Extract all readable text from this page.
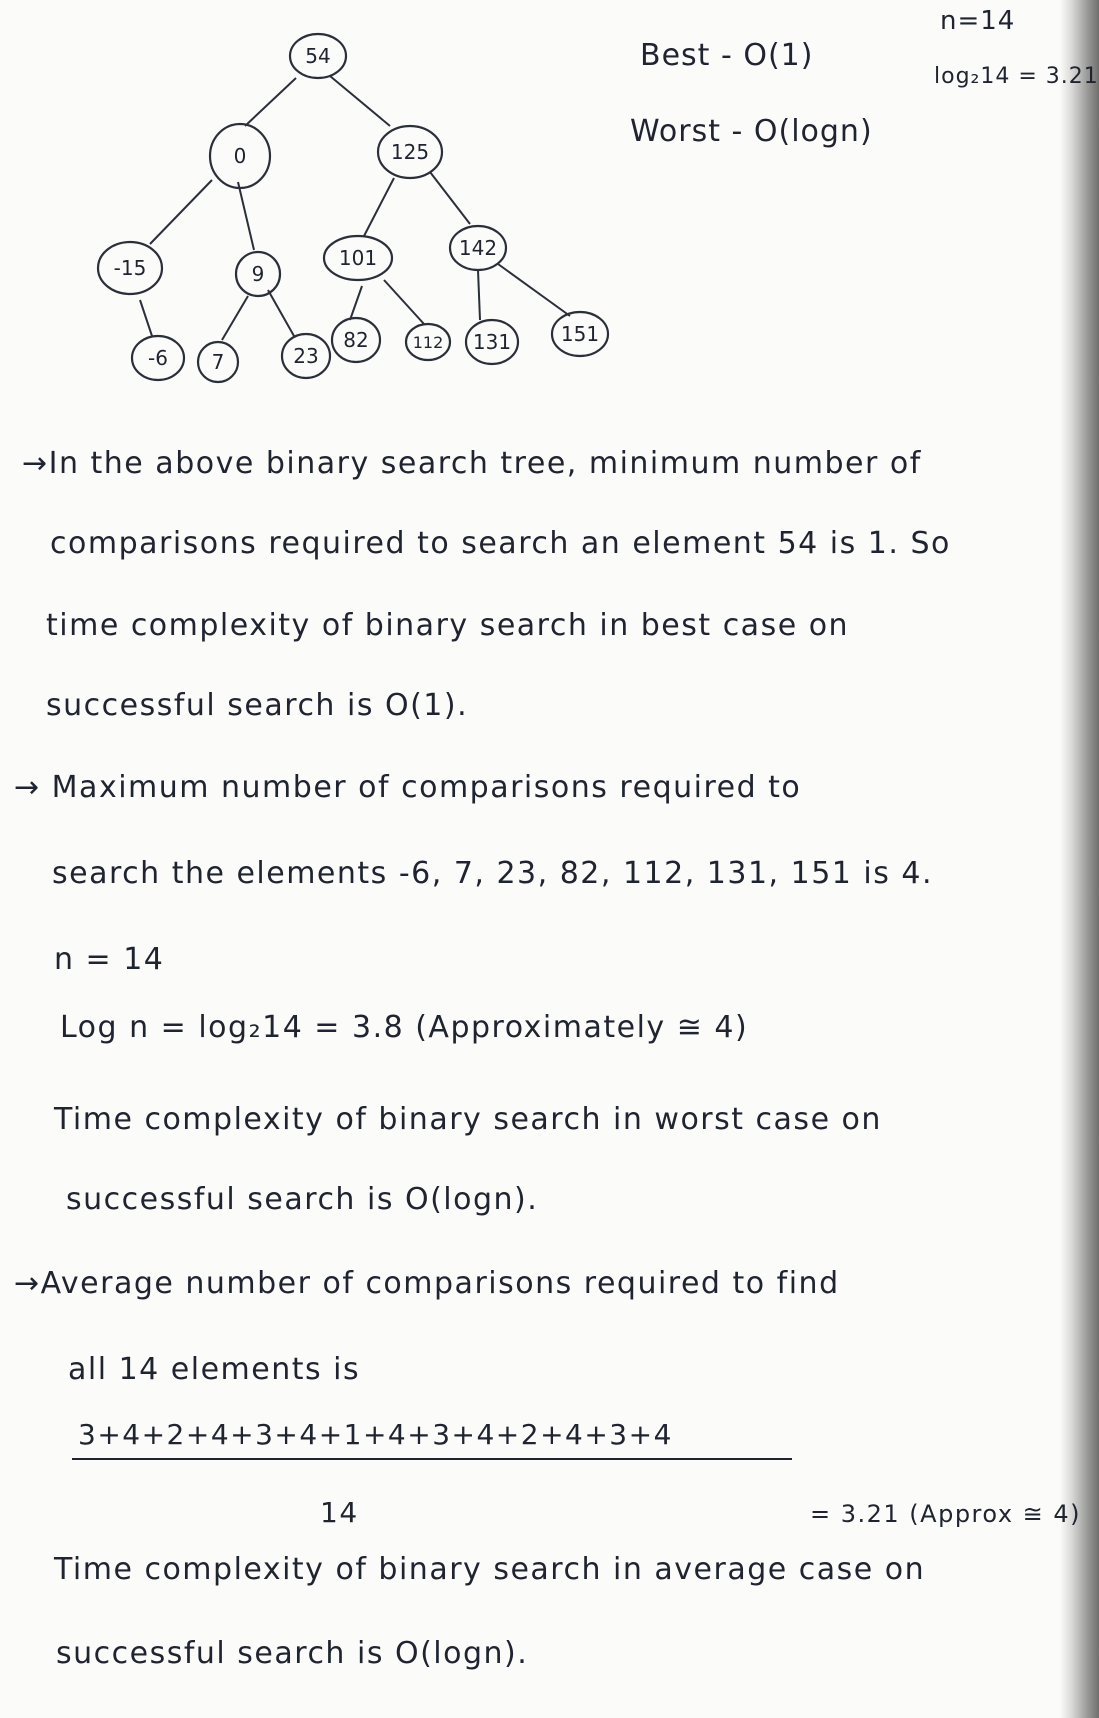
54
0	125
-15	9
101	142
-6 7	23
82	112 131 151
Best - O(1)
Worst - O(logn)
n=14
log₂14 = 3.21
→In the above binary search tree, minimum number of
comparisons required to search an element 54 is 1. So
time complexity of binary search in best case on
successful search is O(1).
→ Maximum number of comparisons required to
search the elements -6, 7, 23, 82, 112, 131, 151 is 4.
n = 14
Log n = log₂14 = 3.8 (Approximately ≅ 4)
Time complexity of binary search in worst case on
successful search is O(logn).
→Average number of comparisons required to find
all 14 elements is
3+4+2+4+3+4+1+4+3+4+2+4+3+4
14	= 3.21 (Approx ≅ 4)
Time complexity of binary search in average case on
successful search is O(logn).
